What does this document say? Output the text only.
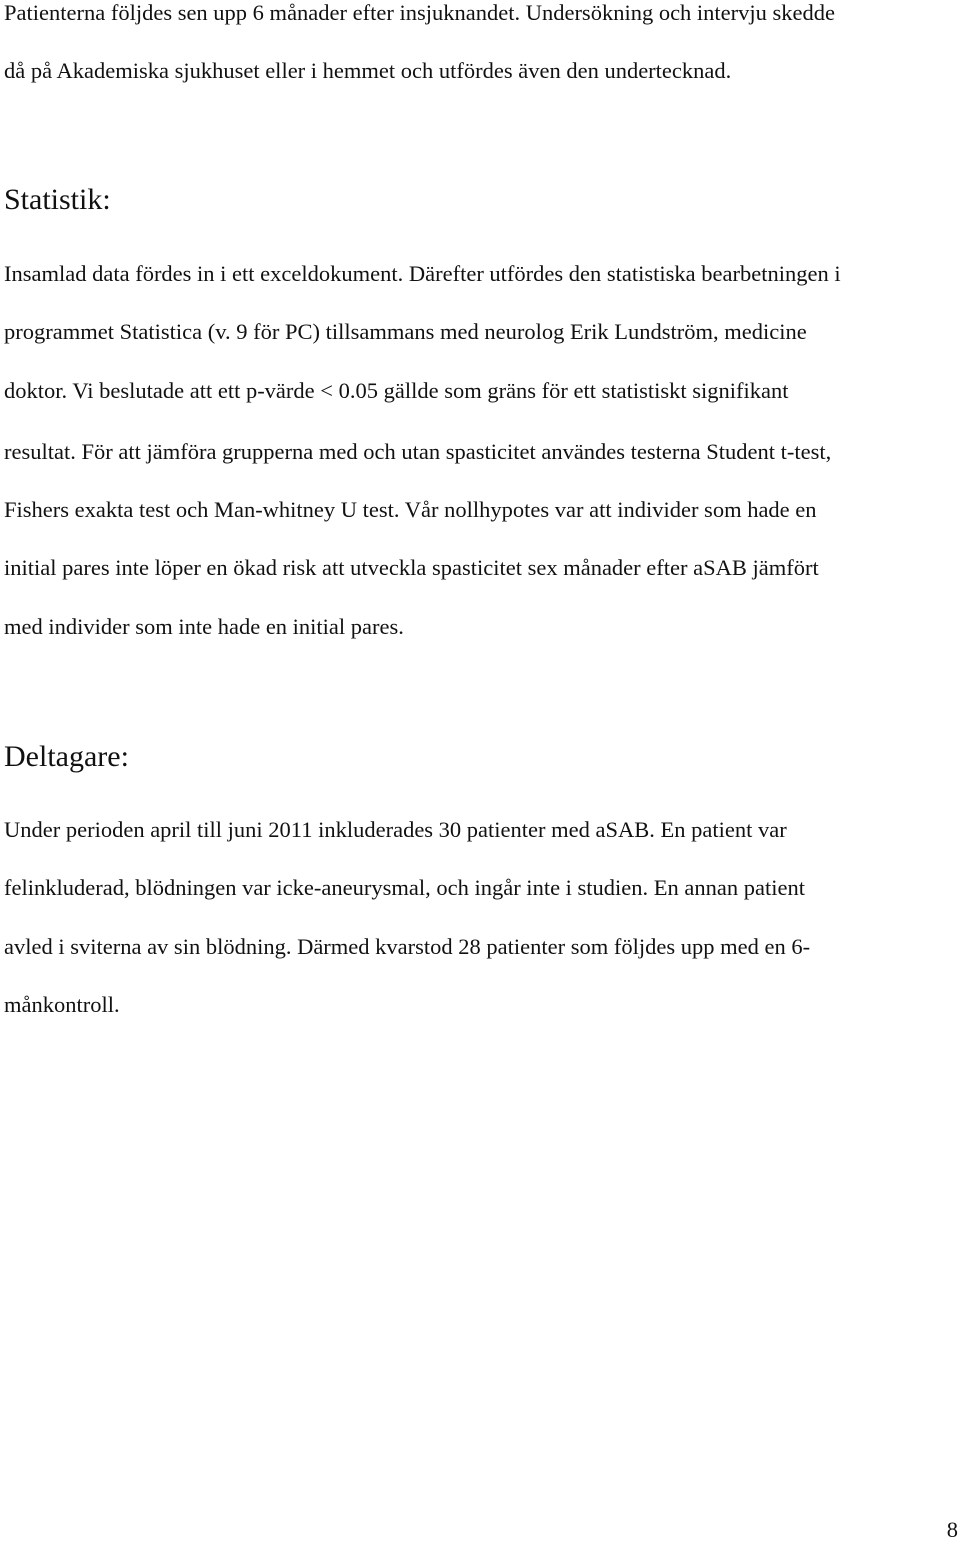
Patienterna följdes sen upp 6 månader efter insjuknandet. Undersökning och intervju skedde

då på Akademiska sjukhuset eller i hemmet och utfördes även den undertecknad.

Statistik:

Insamlad data fördes in i ett exceldokument. Därefter utfördes den statistiska bearbetningen i

programmet Statistica (v. 9 för PC) tillsammans med neurolog Erik Lundström, medicine

doktor. Vi beslutade att ett p-värde < 0.05 gällde som gräns för ett statistiskt signifikant

resultat. För att jämföra grupperna med och utan spasticitet användes testerna Student t-test,

Fishers exakta test och Man-whitney U test. Vår nollhypotes var att individer som hade en

initial pares inte löper en ökad risk att utveckla spasticitet sex månader efter aSAB jämfört

med individer som inte hade en initial pares.

Deltagare:

Under perioden april till juni 2011 inkluderades 30 patienter med aSAB. En patient var

felinkluderad, blödningen var icke-aneurysmal, och ingår inte i studien. En annan patient

avled i sviterna av sin blödning. Därmed kvarstod 28 patienter som följdes upp med en 6-

månkontroll.

8
